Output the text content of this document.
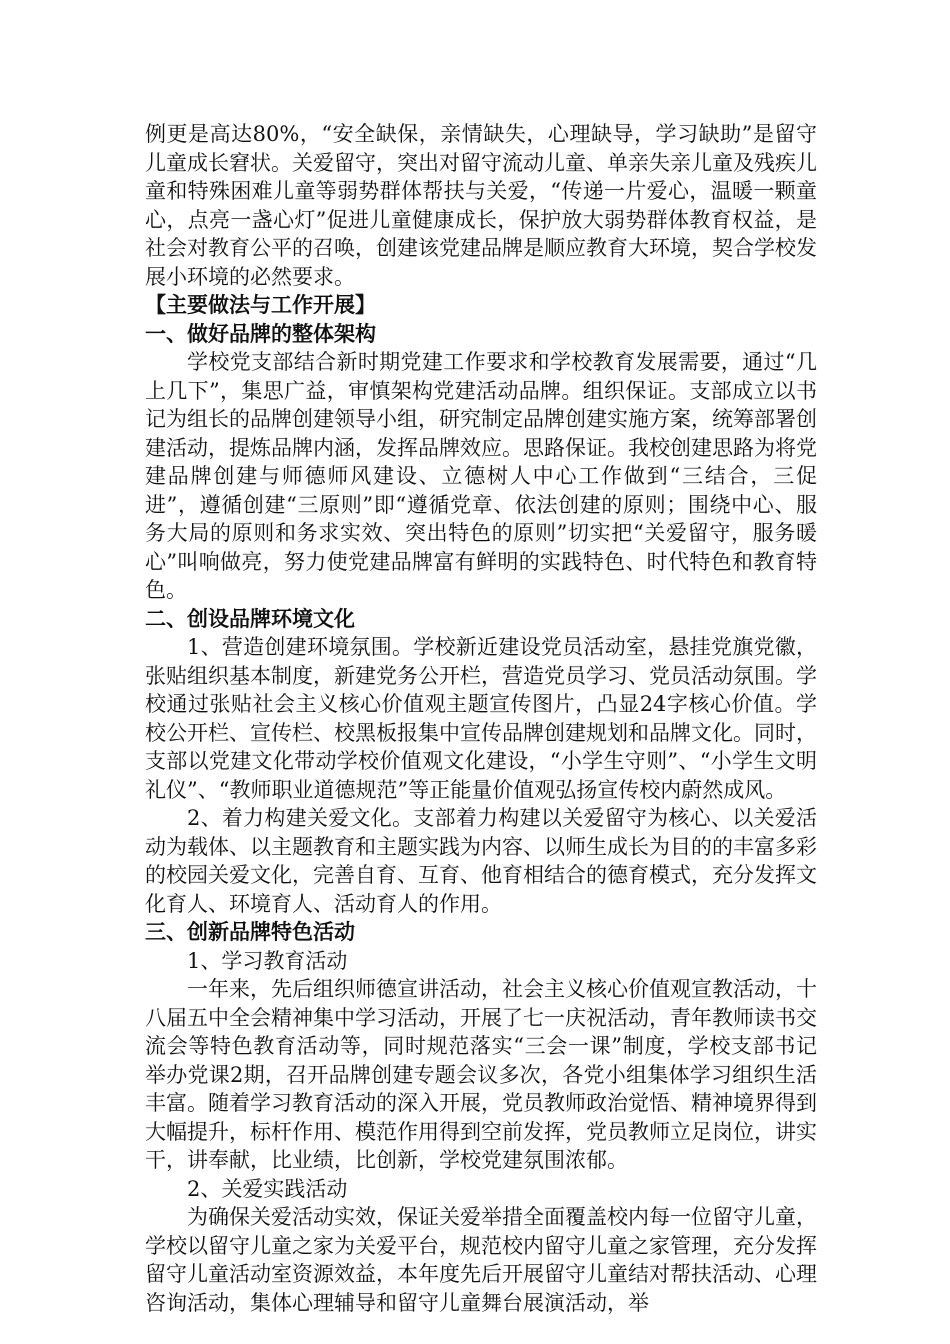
例更是高达80%，“安全缺保，亲情缺失，心理缺导，学习缺助”是留守儿童成长窘状。关爱留守，突出对留守流动儿童、单亲失亲儿童及残疾儿童和特殊困难儿童等弱势群体帮扶与关爱，“传递一片爱心，温暖一颗童心，点亮一盏心灯”促进儿童健康成长，保护放大弱势群体教育权益，是社会对教育公平的召唤，创建该党建品牌是顺应教育大环境，契合学校发展小环境的必然要求。

【主要做法与工作开展】

一、做好品牌的整体架构

学校党支部结合新时期党建工作要求和学校教育发展需要，通过“几上几下”，集思广益，审慎架构党建活动品牌。组织保证。支部成立以书记为组长的品牌创建领导小组，研究制定品牌创建实施方案，统筹部署创建活动，提炼品牌内涵，发挥品牌效应。思路保证。我校创建思路为将党建品牌创建与师德师风建设、立德树人中心工作做到“三结合，三促进”，遵循创建“三原则”即“遵循党章、依法创建的原则；围绕中心、服务大局的原则和务求实效、突出特色的原则”切实把“关爱留守，服务暖心”叫响做亮，努力使党建品牌富有鲜明的实践特色、时代特色和教育特色。

二、创设品牌环境文化

1、营造创建环境氛围。学校新近建设党员活动室，悬挂党旗党徽，张贴组织基本制度，新建党务公开栏，营造党员学习、党员活动氛围。学校通过张贴社会主义核心价值观主题宣传图片，凸显24字核心价值。学校公开栏、宣传栏、校黑板报集中宣传品牌创建规划和品牌文化。同时，支部以党建文化带动学校价值观文化建设，“小学生守则”、“小学生文明礼仪”、“教师职业道德规范”等正能量价值观弘扬宣传校内蔚然成风。

2、着力构建关爱文化。支部着力构建以关爱留守为核心、以关爱活动为载体、以主题教育和主题实践为内容、以师生成长为目的的丰富多彩的校园关爱文化，完善自育、互育、他育相结合的德育模式，充分发挥文化育人、环境育人、活动育人的作用。

三、创新品牌特色活动

1、学习教育活动

一年来，先后组织师德宣讲活动，社会主义核心价值观宣教活动，十八届五中全会精神集中学习活动，开展了七一庆祝活动，青年教师读书交流会等特色教育活动等，同时规范落实“三会一课”制度，学校支部书记举办党课2期，召开品牌创建专题会议多次，各党小组集体学习组织生活丰富。随着学习教育活动的深入开展，党员教师政治觉悟、精神境界得到大幅提升，标杆作用、模范作用得到空前发挥，党员教师立足岗位，讲实干，讲奉献，比业绩，比创新，学校党建氛围浓郁。

2、关爱实践活动

为确保关爱活动实效，保证关爱举措全面覆盖校内每一位留守儿童，学校以留守儿童之家为关爱平台，规范校内留守儿童之家管理，充分发挥留守儿童活动室资源效益，本年度先后开展留守儿童结对帮扶活动、心理咨询活动，集体心理辅导和留守儿童舞台展演活动，举
